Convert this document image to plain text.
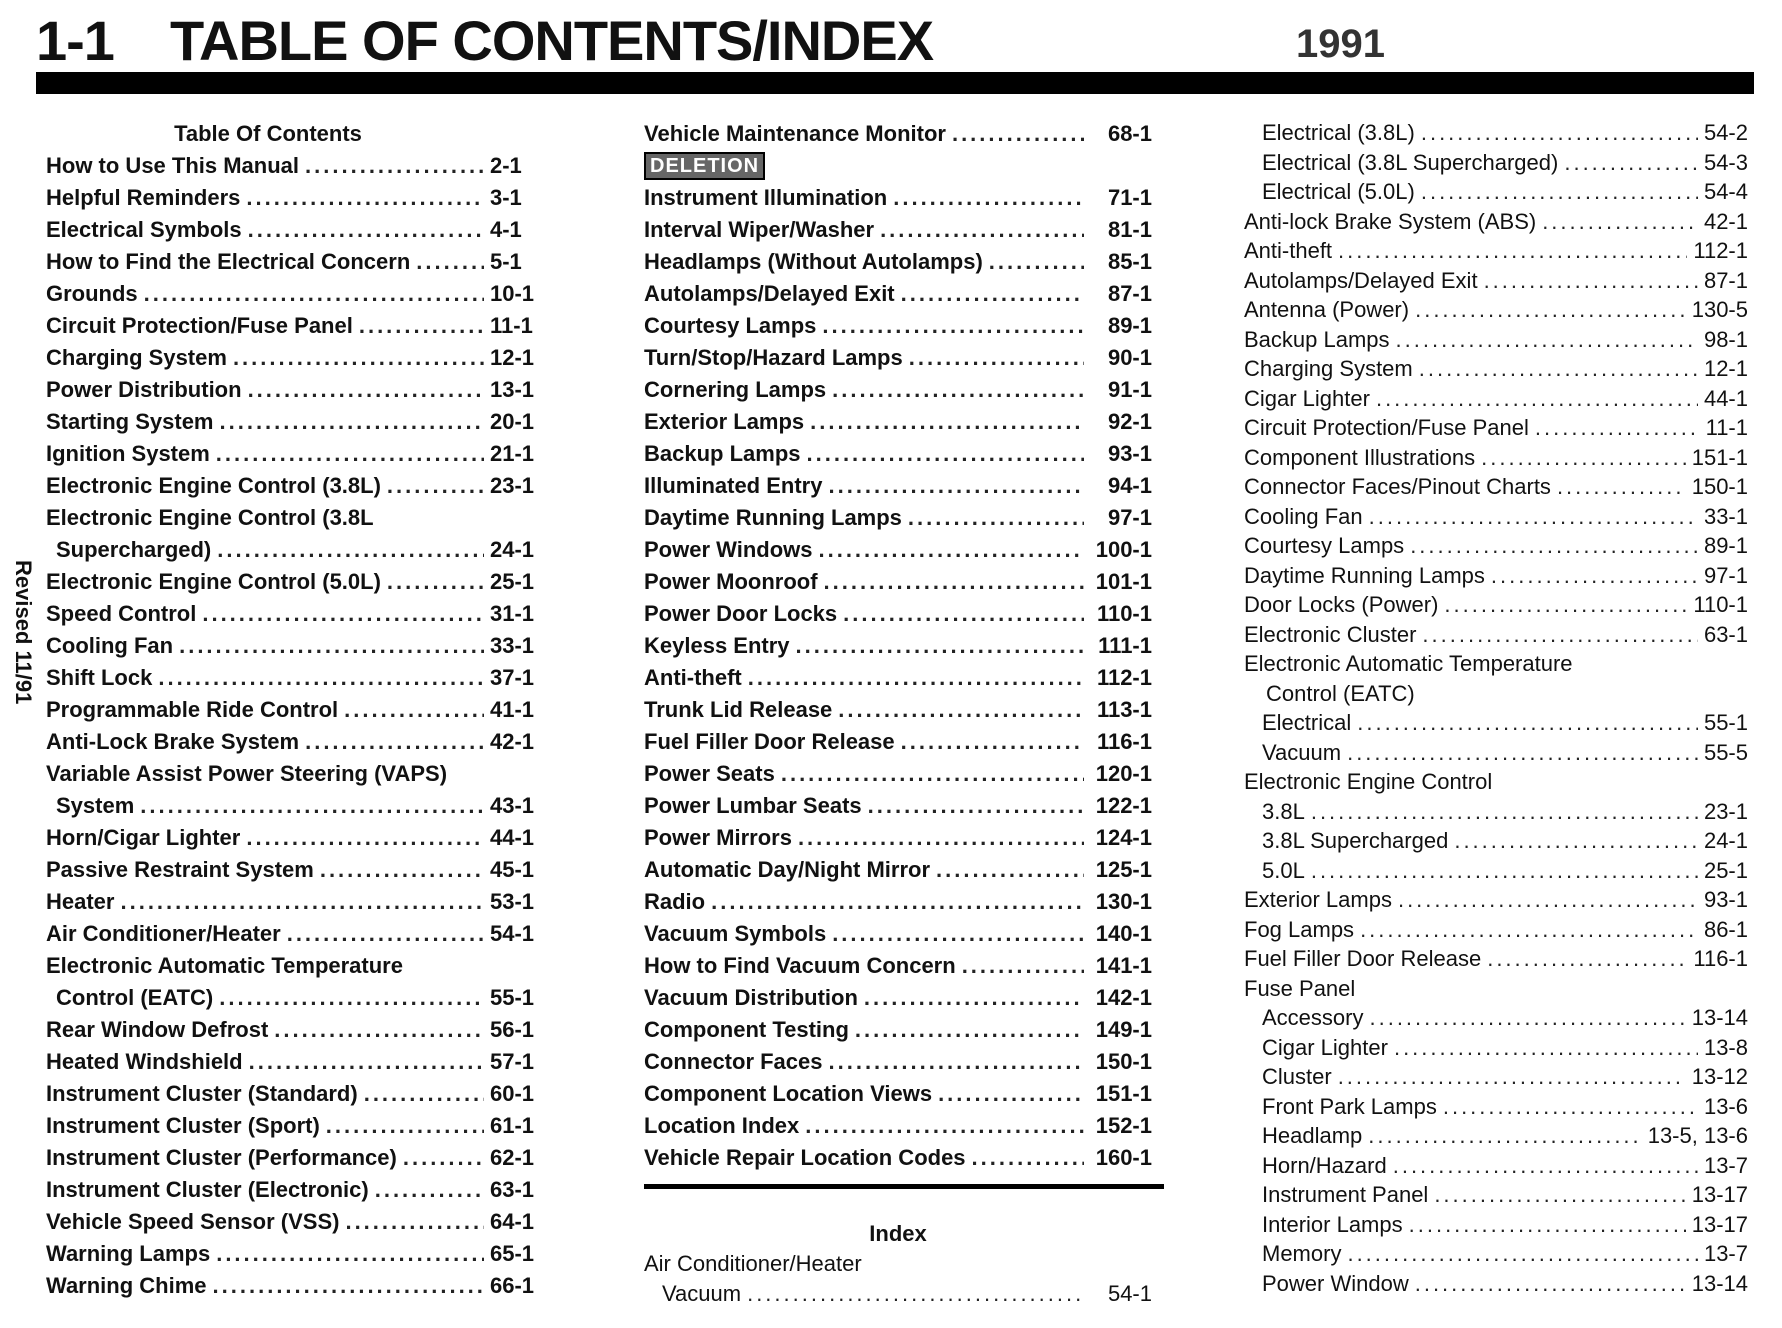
1-1 TABLE OF CONTENTS/INDEX	1991
Revised 11/91
Table Of Contents
How to Use This Manual .....	2-1
Helpful Reminders .....	3-1
Electrical Symbols .....	4-1
How to Find the Electrical Concern .....	5-1
Grounds .....	10-1
Circuit Protection/Fuse Panel .....	11-1
Charging System .....	12-1
Power Distribution .....	13-1
Starting System .....	20-1
Ignition System .....	21-1
Electronic Engine Control (3.8L) .....	23-1
Electronic Engine Control (3.8L
Supercharged) .....	24-1
Electronic Engine Control (5.0L) .....	25-1
Speed Control .....	31-1
Cooling Fan .....	33-1
Shift Lock .....	37-1
Programmable Ride Control .....	41-1
Anti-Lock Brake System .....	42-1
Variable Assist Power Steering (VAPS)
System .....	43-1
Horn/Cigar Lighter .....	44-1
Passive Restraint System .....	45-1
Heater .....	53-1
Air Conditioner/Heater .....	54-1
Electronic Automatic Temperature
Control (EATC) .....	55-1
Rear Window Defrost .....	56-1
Heated Windshield .....	57-1
Instrument Cluster (Standard) .....	60-1
Instrument Cluster (Sport) .....	61-1
Instrument Cluster (Performance) .....	62-1
Instrument Cluster (Electronic) .....	63-1
Vehicle Speed Sensor (VSS) .....	64-1
Warning Lamps .....	65-1
Warning Chime .....	66-1
Vehicle Maintenance Monitor .....	68-1
DELETION
Instrument Illumination .....	71-1
Interval Wiper/Washer .....	81-1
Headlamps (Without Autolamps) .....	85-1
Autolamps/Delayed Exit .....	87-1
Courtesy Lamps .....	89-1
Turn/Stop/Hazard Lamps .....	90-1
Cornering Lamps .....	91-1
Exterior Lamps .....	92-1
Backup Lamps .....	93-1
Illuminated Entry .....	94-1
Daytime Running Lamps .....	97-1
Power Windows .....	100-1
Power Moonroof .....	101-1
Power Door Locks .....	110-1
Keyless Entry .....	111-1
Anti-theft .....	112-1
Trunk Lid Release .....	113-1
Fuel Filler Door Release .....	116-1
Power Seats .....	120-1
Power Lumbar Seats .....	122-1
Power Mirrors .....	124-1
Automatic Day/Night Mirror .....	125-1
Radio .....	130-1
Vacuum Symbols .....	140-1
How to Find Vacuum Concern .....	141-1
Vacuum Distribution .....	142-1
Component Testing .....	149-1
Connector Faces .....	150-1
Component Location Views .....	151-1
Location Index .....	152-1
Vehicle Repair Location Codes .....	160-1
Index
Air Conditioner/Heater
Vacuum .....	54-1
Electrical (3.8L) .....	54-2
Electrical (3.8L Supercharged) .....	54-3
Electrical (5.0L) .....	54-4
Anti-lock Brake System (ABS) .....	42-1
Anti-theft .....	112-1
Autolamps/Delayed Exit .....	87-1
Antenna (Power) .....	130-5
Backup Lamps .....	98-1
Charging System .....	12-1
Cigar Lighter .....	44-1
Circuit Protection/Fuse Panel .....	11-1
Component Illustrations .....	151-1
Connector Faces/Pinout Charts .....	150-1
Cooling Fan .....	33-1
Courtesy Lamps .....	89-1
Daytime Running Lamps .....	97-1
Door Locks (Power) .....	110-1
Electronic Cluster .....	63-1
Electronic Automatic Temperature
Control (EATC)
Electrical .....	55-1
Vacuum .....	55-5
Electronic Engine Control
3.8L .....	23-1
3.8L Supercharged .....	24-1
5.0L .....	25-1
Exterior Lamps .....	93-1
Fog Lamps .....	86-1
Fuel Filler Door Release .....	116-1
Fuse Panel
Accessory .....	13-14
Cigar Lighter .....	13-8
Cluster .....	13-12
Front Park Lamps .....	13-6
Headlamp .....	13-5, 13-6
Horn/Hazard .....	13-7
Instrument Panel .....	13-17
Interior Lamps .....	13-17
Memory .....	13-7
Power Window .....	13-14
